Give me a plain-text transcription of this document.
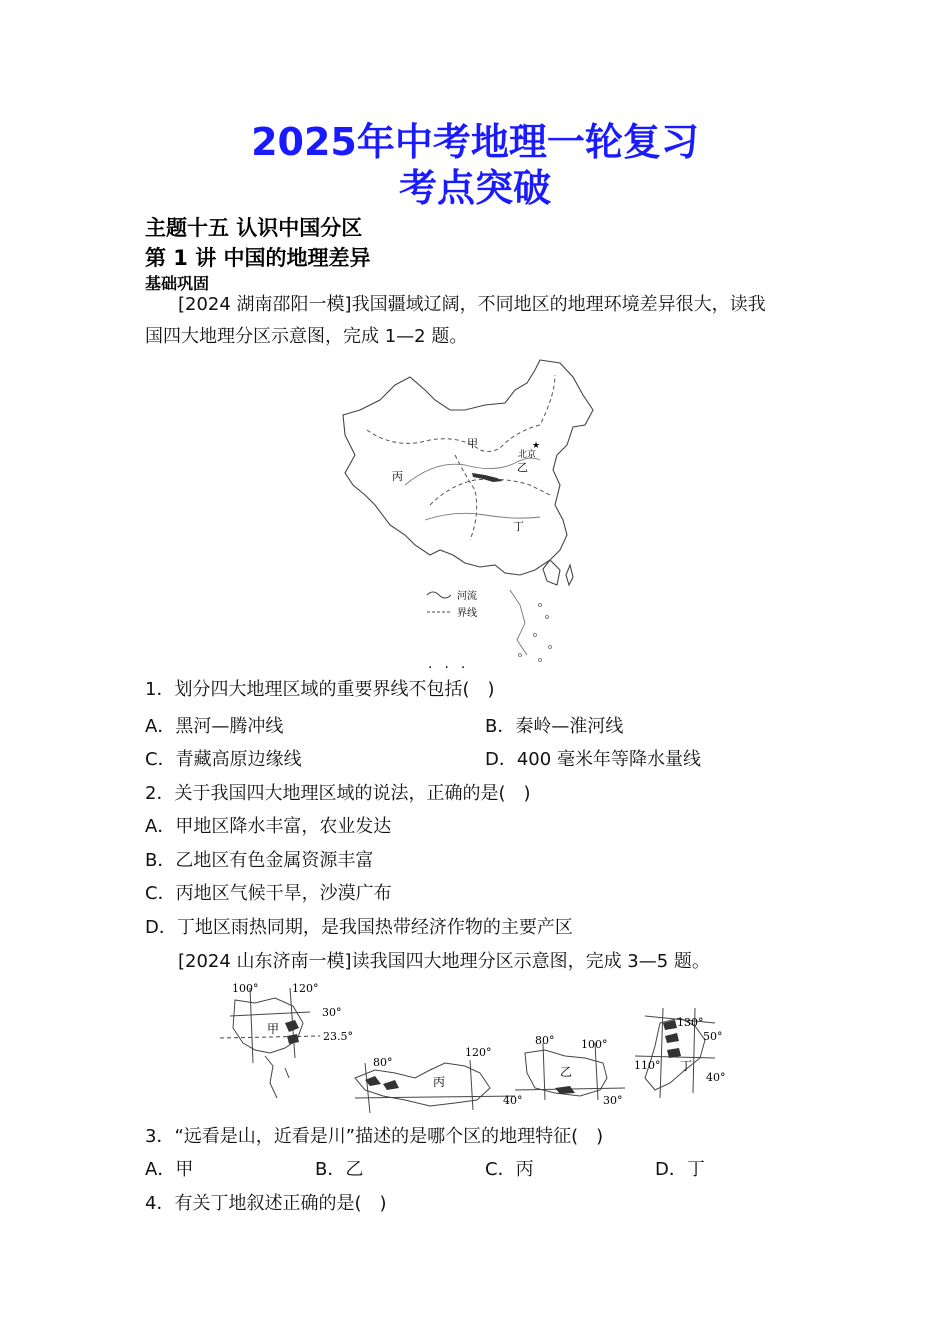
2025年中考地理一轮复习
考点突破
主题十五 认识中国分区
第 1 讲 中国的地理差异
基础巩固
[2024 湖南邵阳一模]我国疆域辽阔，不同地区的地理环境差异很大，读我
国四大地理分区示意图，完成 1—2 题。
甲
乙
丙
丁
北京
★
河流
界线
···
1．划分四大地理区域的重要界线不包括(　)
A．黑河—腾冲线	B．秦岭—淮河线
C．青藏高原边缘线	D．400 毫米年等降水量线
2．关于我国四大地理区域的说法，正确的是(　)
A．甲地区降水丰富，农业发达
B．乙地区有色金属资源丰富
C．丙地区气候干旱，沙漠广布
D．丁地区雨热同期，是我国热带经济作物的主要产区
[2024 山东济南一模]读我国四大地理分区示意图，完成 3—5 题。
甲
100°	120°
30°
23.5°
丙
80°
120°
40°
乙
80° 100°
30°
丁
130°
110°
50°
40°
3．“远看是山，近看是川”描述的是哪个区的地理特征(　)
A．甲	B．乙	C．丙	D．丁
4．有关丁地叙述正确的是(　)
